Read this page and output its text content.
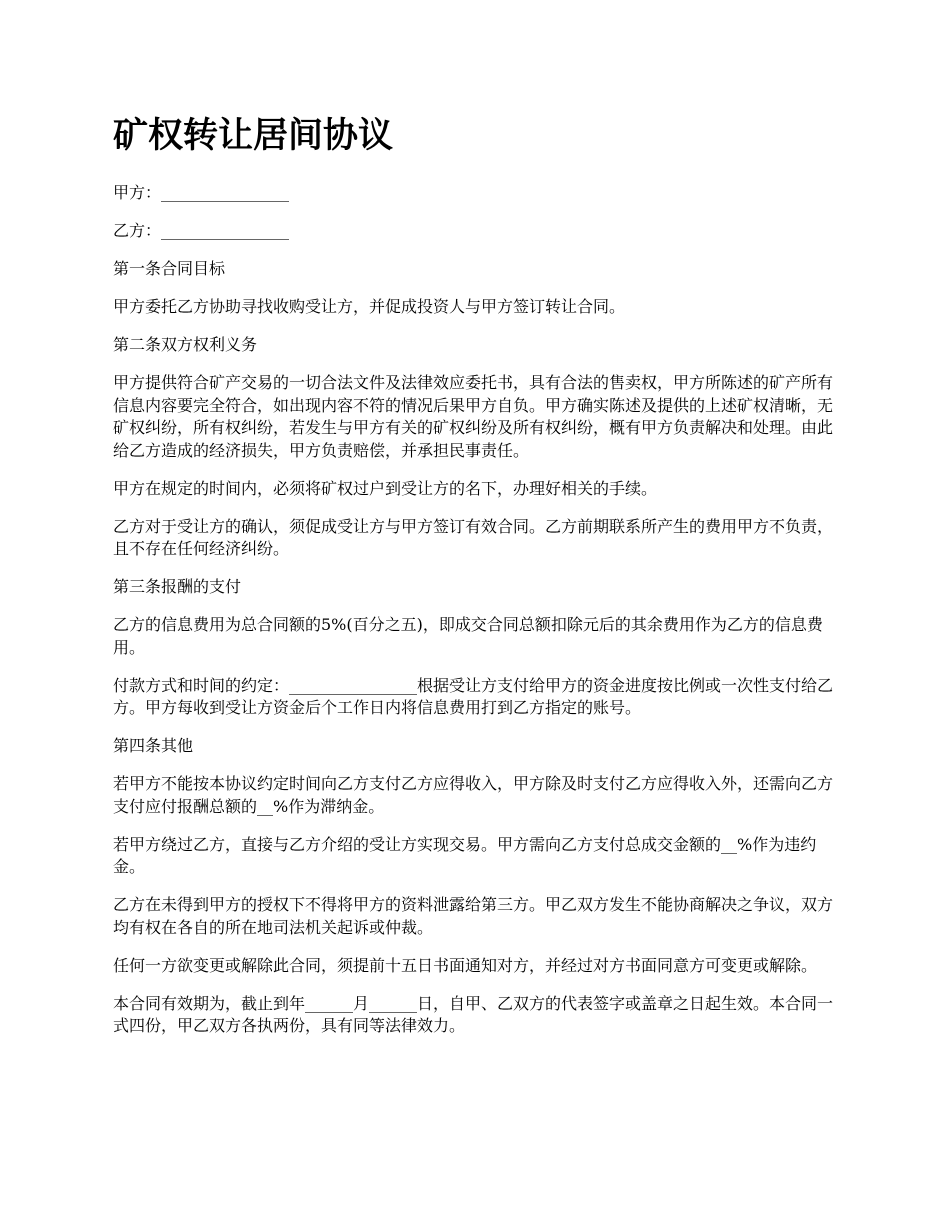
矿权转让居间协议

甲方：________________

乙方：________________

第一条合同目标

甲方委托乙方协助寻找收购受让方，并促成投资人与甲方签订转让合同。

第二条双方权利义务

甲方提供符合矿产交易的一切合法文件及法律效应委托书，具有合法的售卖权，甲方所陈述的矿产所有信息内容要完全符合，如出现内容不符的情况后果甲方自负。甲方确实陈述及提供的上述矿权清晰，无矿权纠纷，所有权纠纷，若发生与甲方有关的矿权纠纷及所有权纠纷，概有甲方负责解决和处理。由此给乙方造成的经济损失，甲方负责赔偿，并承担民事责任。

甲方在规定的时间内，必须将矿权过户到受让方的名下，办理好相关的手续。

乙方对于受让方的确认，须促成受让方与甲方签订有效合同。乙方前期联系所产生的费用甲方不负责，且不存在任何经济纠纷。

第三条报酬的支付

乙方的信息费用为总合同额的5%(百分之五)，即成交合同总额扣除元后的其余费用作为乙方的信息费用。

付款方式和时间的约定：________________根据受让方支付给甲方的资金进度按比例或一次性支付给乙方。甲方每收到受让方资金后个工作日内将信息费用打到乙方指定的账号。

第四条其他

若甲方不能按本协议约定时间向乙方支付乙方应得收入，甲方除及时支付乙方应得收入外，还需向乙方支付应付报酬总额的__%作为滞纳金。

若甲方绕过乙方，直接与乙方介绍的受让方实现交易。甲方需向乙方支付总成交金额的__%作为违约金。

乙方在未得到甲方的授权下不得将甲方的资料泄露给第三方。甲乙双方发生不能协商解决之争议，双方均有权在各自的所在地司法机关起诉或仲裁。

任何一方欲变更或解除此合同，须提前十五日书面通知对方，并经过对方书面同意方可变更或解除。

本合同有效期为，截止到年______月______日，自甲、乙双方的代表签字或盖章之日起生效。本合同一式四份，甲乙双方各执两份，具有同等法律效力。
